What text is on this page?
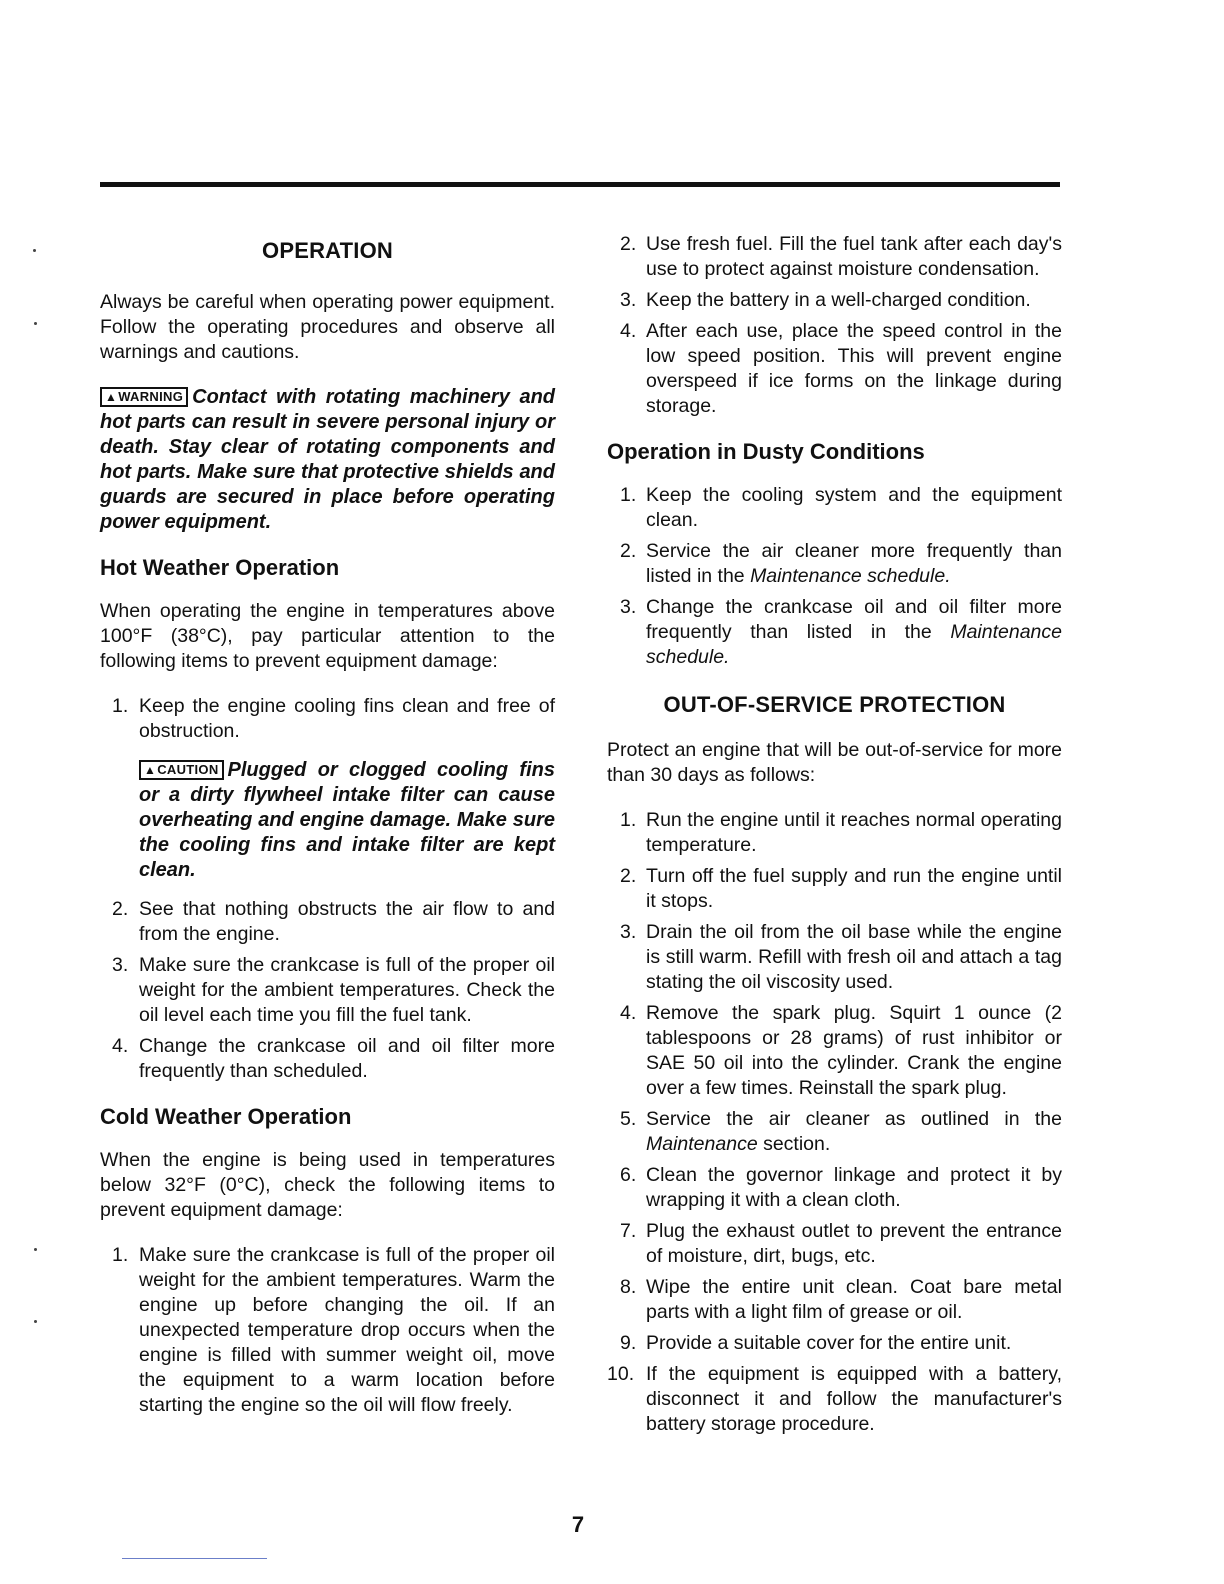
OPERATION

Always be careful when operating power equipment. Follow the operating procedures and observe all warnings and cautions.

▲WARNING Contact with rotating machinery and hot parts can result in severe personal injury or death. Stay clear of rotating components and hot parts. Make sure that protective shields and guards are secured in place before operating power equipment.
Hot Weather Operation

When operating the engine in temperatures above 100°F (38°C), pay particular attention to the following items to prevent equipment damage:

1. Keep the engine cooling fins clean and free of obstruction.
▲CAUTION Plugged or clogged cooling fins or a dirty flywheel intake filter can cause overheating and engine damage. Make sure the cooling fins and intake filter are kept clean.
2. See that nothing obstructs the air flow to and from the engine.
3. Make sure the crankcase is full of the proper oil weight for the ambient temperatures. Check the oil level each time you fill the fuel tank.
4. Change the crankcase oil and oil filter more frequently than scheduled.
Cold Weather Operation

When the engine is being used in temperatures below 32°F (0°C), check the following items to prevent equipment damage:

1. Make sure the crankcase is full of the proper oil weight for the ambient temperatures. Warm the engine up before changing the oil. If an unexpected temperature drop occurs when the engine is filled with summer weight oil, move the equipment to a warm location before starting the engine so the oil will flow freely.
2. Use fresh fuel. Fill the fuel tank after each day's use to protect against moisture condensation.
3. Keep the battery in a well-charged condition.
4. After each use, place the speed control in the low speed position. This will prevent engine overspeed if ice forms on the linkage during storage.
Operation in Dusty Conditions
1. Keep the cooling system and the equipment clean.
2. Service the air cleaner more frequently than listed in the Maintenance schedule.
3. Change the crankcase oil and oil filter more frequently than listed in the Maintenance schedule.
OUT-OF-SERVICE PROTECTION

Protect an engine that will be out-of-service for more than 30 days as follows:

1. Run the engine until it reaches normal operating temperature.
2. Turn off the fuel supply and run the engine until it stops.
3. Drain the oil from the oil base while the engine is still warm. Refill with fresh oil and attach a tag stating the oil viscosity used.
4. Remove the spark plug. Squirt 1 ounce (2 tablespoons or 28 grams) of rust inhibitor or SAE 50 oil into the cylinder. Crank the engine over a few times. Reinstall the spark plug.
5. Service the air cleaner as outlined in the Maintenance section.
6. Clean the governor linkage and protect it by wrapping it with a clean cloth.
7. Plug the exhaust outlet to prevent the entrance of moisture, dirt, bugs, etc.
8. Wipe the entire unit clean. Coat bare metal parts with a light film of grease or oil.
9. Provide a suitable cover for the entire unit.
10. If the equipment is equipped with a battery, disconnect it and follow the manufacturer's battery storage procedure.
7
